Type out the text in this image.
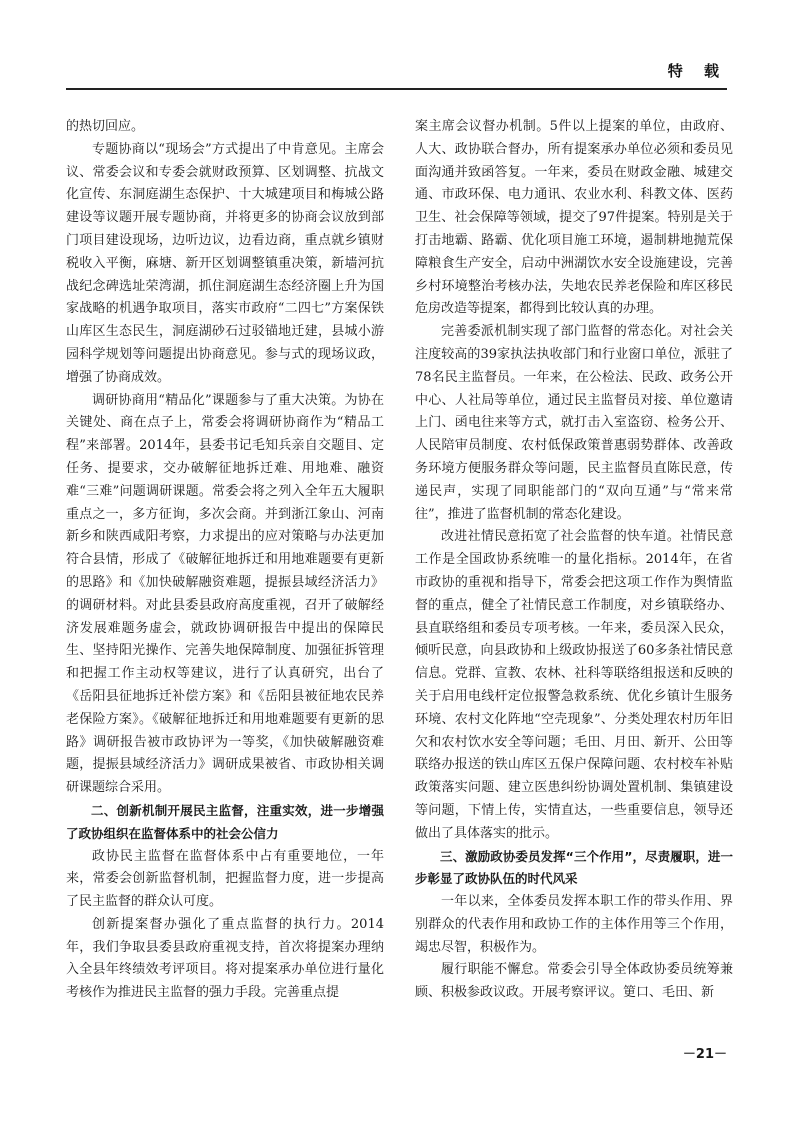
特 载

的热切回应。

专题协商以“现场会”方式提出了中肯意见。主席会议、常委会议和专委会就财政预算、区划调整、抗战文化宣传、东洞庭湖生态保护、十大城建项目和梅城公路建设等议题开展专题协商，并将更多的协商会议放到部门项目建设现场，边听边议，边看边商，重点就乡镇财税收入平衡，麻塘、新开区划调整镇重决策，新墙河抗战纪念碑选址荣湾湖，抓住洞庭湖生态经济圈上升为国家战略的机遇争取项目，落实市政府“二四七”方案保铁山库区生态民生，洞庭湖砂石过驳锚地迁建，县城小游园科学规划等问题提出协商意见。参与式的现场议政，增强了协商成效。

调研协商用“精品化”课题参与了重大决策。为协在关键处、商在点子上，常委会将调研协商作为“精品工程”来部署。2014年，县委书记毛知兵亲自交题目、定任务、提要求，交办破解征地拆迁难、用地难、融资难“三难”问题调研课题。常委会将之列入全年五大履职重点之一，多方征询，多次会商。并到浙江象山、河南新乡和陕西咸阳考察，力求提出的应对策略与办法更加符合县情，形成了《破解征地拆迁和用地难题要有更新的思路》和《加快破解融资难题，提振县域经济活力》的调研材料。对此县委县政府高度重视，召开了破解经济发展难题务虚会，就政协调研报告中提出的保障民生、坚持阳光操作、完善失地保障制度、加强征拆管理和把握工作主动权等建议，进行了认真研究，出台了《岳阳县征地拆迁补偿方案》和《岳阳县被征地农民养老保险方案》。《破解征地拆迁和用地难题要有更新的思路》调研报告被市政协评为一等奖，《加快破解融资难题，提振县域经济活力》调研成果被省、市政协相关调研课题综合采用。

二、创新机制开展民主监督，注重实效，进一步增强了政协组织在监督体系中的社会公信力

政协民主监督在监督体系中占有重要地位，一年来，常委会创新监督机制，把握监督力度，进一步提高了民主监督的群众认可度。

创新提案督办强化了重点监督的执行力。2014年，我们争取县委县政府重视支持，首次将提案办理纳入全县年终绩效考评项目。将对提案承办单位进行量化考核作为推进民主监督的强力手段。完善重点提

案主席会议督办机制。5件以上提案的单位，由政府、人大、政协联合督办，所有提案承办单位必须和委员见面沟通并致函答复。一年来，委员在财政金融、城建交通、市政环保、电力通讯、农业水利、科教文体、医药卫生、社会保障等领域，提交了97件提案。特别是关于打击地霸、路霸、优化项目施工环境，遏制耕地抛荒保障粮食生产安全，启动中洲湖饮水安全设施建设，完善乡村环境整治考核办法，失地农民养老保险和库区移民危房改造等提案，都得到比较认真的办理。

完善委派机制实现了部门监督的常态化。对社会关注度较高的39家执法执收部门和行业窗口单位，派驻了78名民主监督员。一年来，在公检法、民政、政务公开中心、人社局等单位，通过民主监督员对接、单位邀请上门、函电往来等方式，就打击入室盗窃、检务公开、人民陪审员制度、农村低保政策普惠弱势群体、改善政务环境方便服务群众等问题，民主监督员直陈民意，传递民声，实现了同职能部门的“双向互通”与“常来常往”，推进了监督机制的常态化建设。

改进社情民意拓宽了社会监督的快车道。社情民意工作是全国政协系统唯一的量化指标。2014年，在省市政协的重视和指导下，常委会把这项工作作为舆情监督的重点，健全了社情民意工作制度，对乡镇联络办、县直联络组和委员专项考核。一年来，委员深入民众，倾听民意，向县政协和上级政协报送了60多条社情民意信息。党群、宣教、农林、社科等联络组报送和反映的关于启用电线杆定位报警急救系统、优化乡镇计生服务环境、农村文化阵地“空壳现象”、分类处理农村历年旧欠和农村饮水安全等问题；毛田、月田、新开、公田等联络办报送的铁山库区五保户保障问题、农村校车补贴政策落实问题、建立医患纠纷协调处置机制、集镇建设等问题，下情上传，实情直达，一些重要信息，领导还做出了具体落实的批示。

三、激励政协委员发挥“三个作用”，尽责履职，进一步彰显了政协队伍的时代风采

一年以来，全体委员发挥本职工作的带头作用、界别群众的代表作用和政协工作的主体作用等三个作用，竭忠尽智，积极作为。

履行职能不懈怠。常委会引导全体政协委员统筹兼顾、积极参政议政。开展考察评议。筻口、毛田、新

－21－
